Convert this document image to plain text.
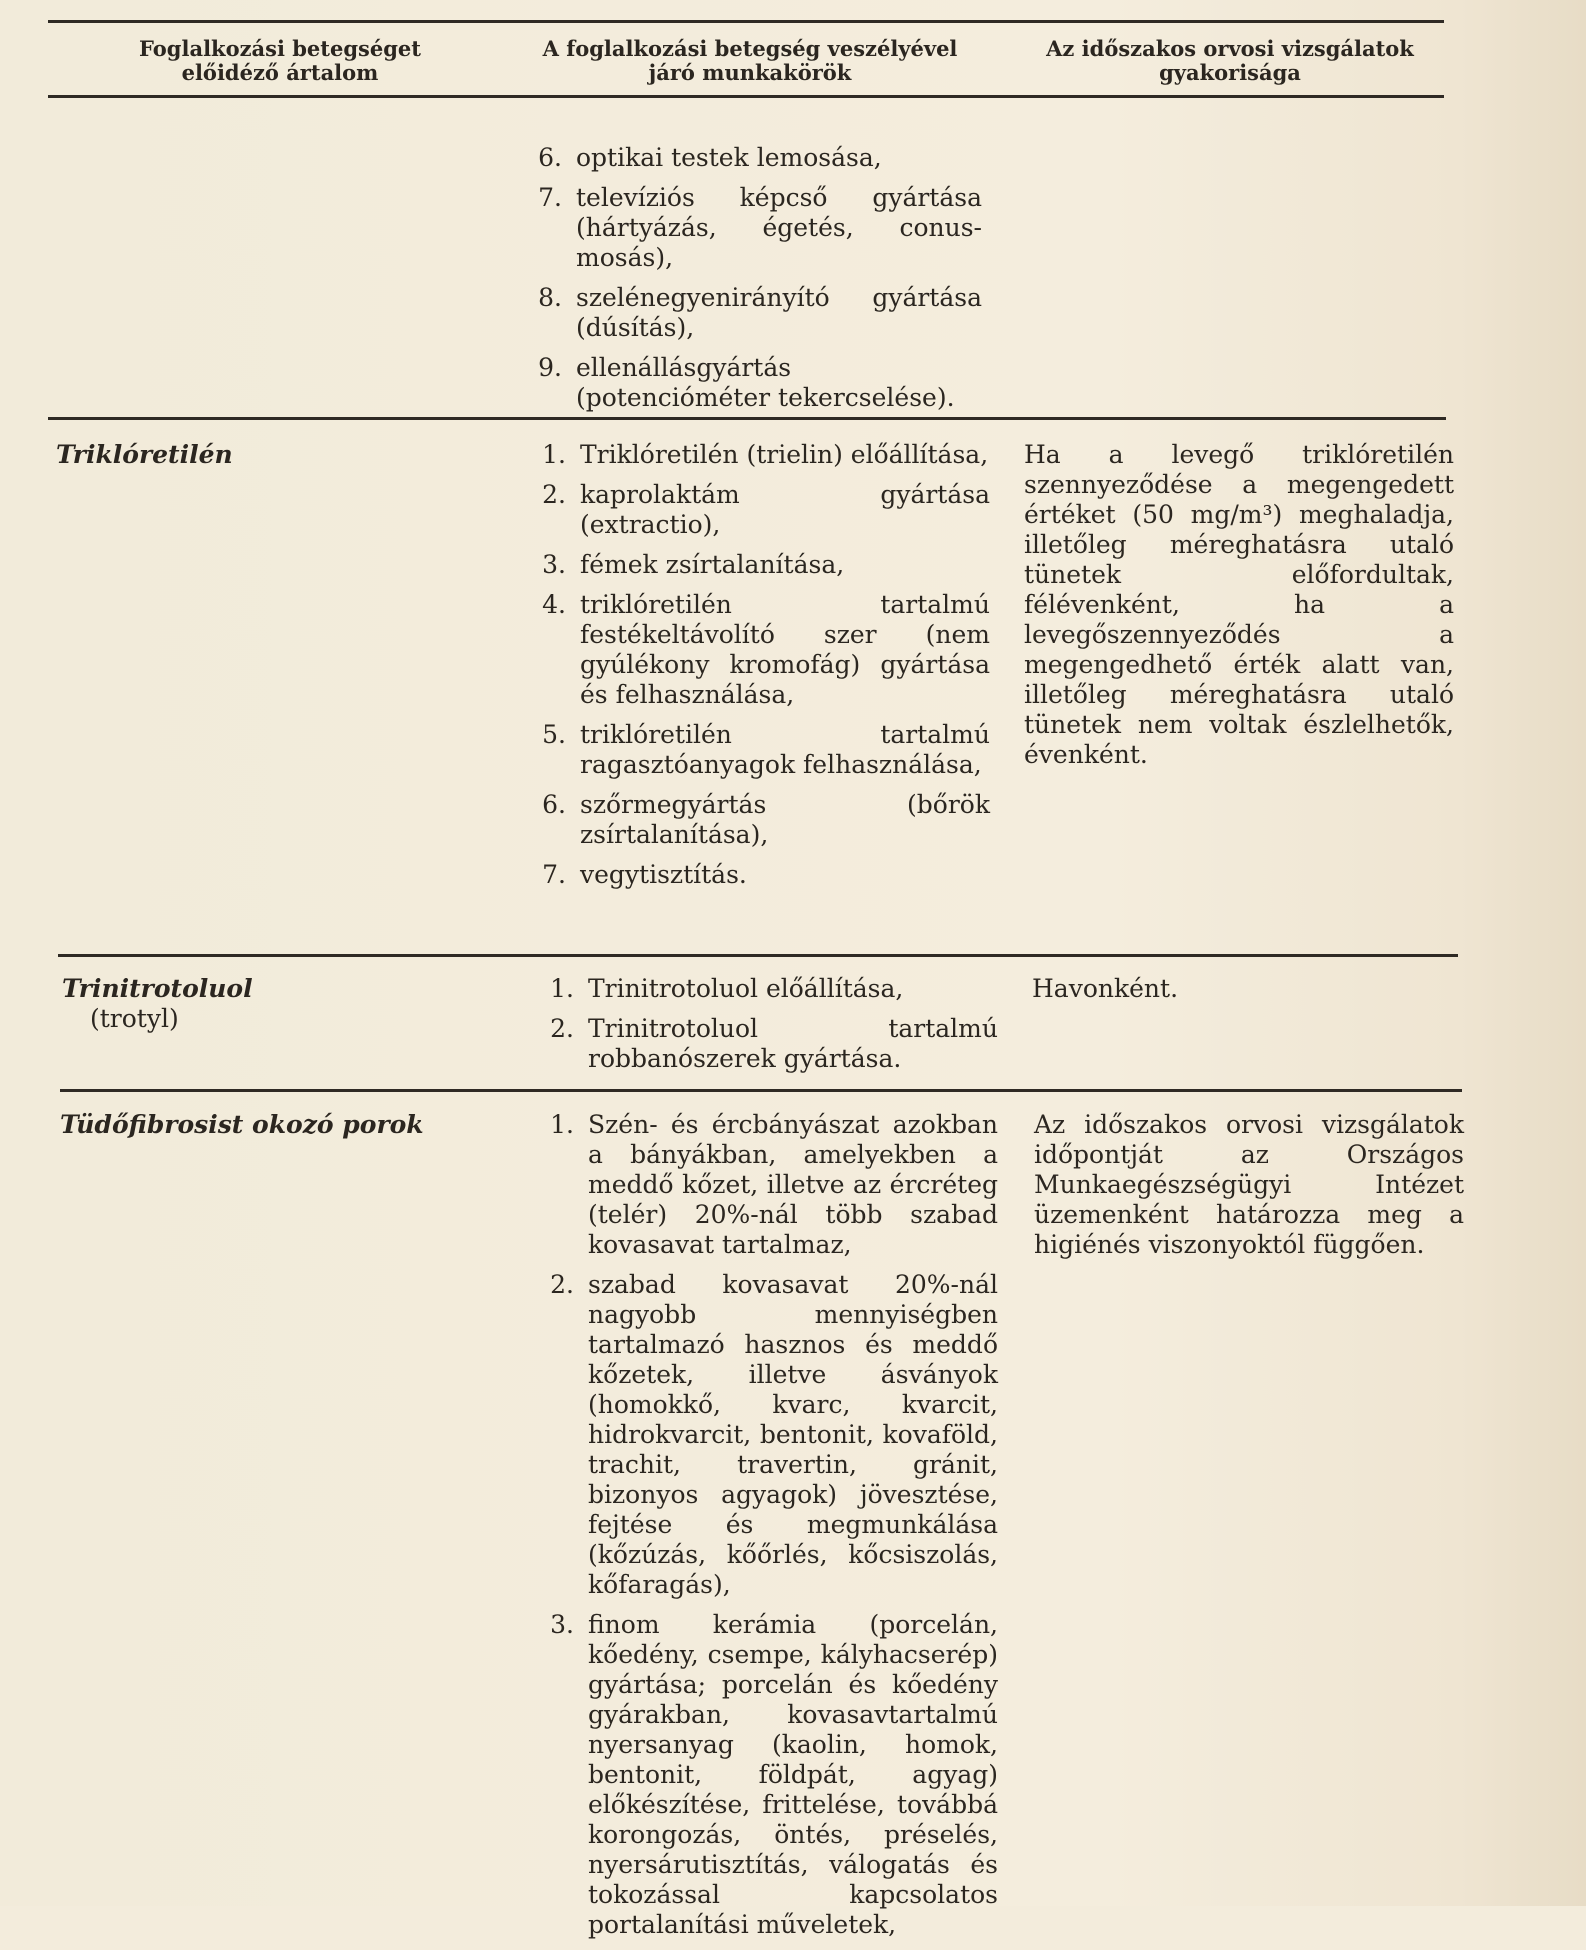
Foglalkozási betegséget előidéző ártalom
A foglalkozási betegség veszélyével járó munkakörök
Az időszakos orvosi vizsgálatok gyakorisága
6. optikai testek lemosása,
7. televíziós képcső gyártása (hártyázás, égetés, conus-mosás),
8. szelénegyenirányító gyártása (dúsítás),
9. ellenállásgyártás (potencióméter tekercselése).
Triklóretilén	1. Triklóretilén (trielin) előállítása,
2. kaprolaktám gyártása (extractio),
3. fémek zsírtalanítása,
4. triklóretilén tartalmú festékeltávolító szer (nem gyúlékony kromofág) gyártása és felhasználása,
5. triklóretilén tartalmú ragasztóanyagok felhasználása,
6. szőrmegyártás (bőrök zsírtalanítása),
7. vegytisztítás.
Ha a levegő triklóretilén szennyeződése a megengedett értéket (50 mg/m³) meghaladja, illetőleg méreghatásra utaló tünetek előfordultak, félévenként, ha a levegőszennyeződés a megengedhető érték alatt van, illetőleg méreghatásra utaló tünetek nem voltak észlelhetők, évenként.
Trinitrotoluol
(trotyl)
1. Trinitrotoluol előállítása,
2. Trinitrotoluol tartalmú robbanószerek gyártása.
Havonként.
Tüdőfibrosist okozó porok	1. Szén- és ércbányászat azokban a bányákban, amelyekben a meddő kőzet, illetve az ércréteg (telér) 20%-nál több szabad kovasavat tartalmaz,
2. szabad kovasavat 20%-nál nagyobb mennyiségben tartalmazó hasznos és meddő kőzetek, illetve ásványok (homokkő, kvarc, kvarcit, hidrokvarcit, bentonit, kovaföld, trachit, travertin, gránit, bizonyos agyagok) jövesztése, fejtése és megmunkálása (kőzúzás, kőőrlés, kőcsiszolás, kőfaragás),
3. finom kerámia (porcelán, kőedény, csempe, kályhacserép) gyártása; porcelán és kőedény gyárakban, kovasavtartalmú nyersanyag (kaolin, homok, bentonit, földpát, agyag) előkészítése, frittelése, továbbá korongozás, öntés, préselés, nyersárutisztítás, válogatás és tokozással kapcsolatos portalanítási műveletek,
Az időszakos orvosi vizsgálatok időpontját az Országos Munkaegészségügyi Intézet üzemenként határozza meg a higiénés viszonyoktól függően.
